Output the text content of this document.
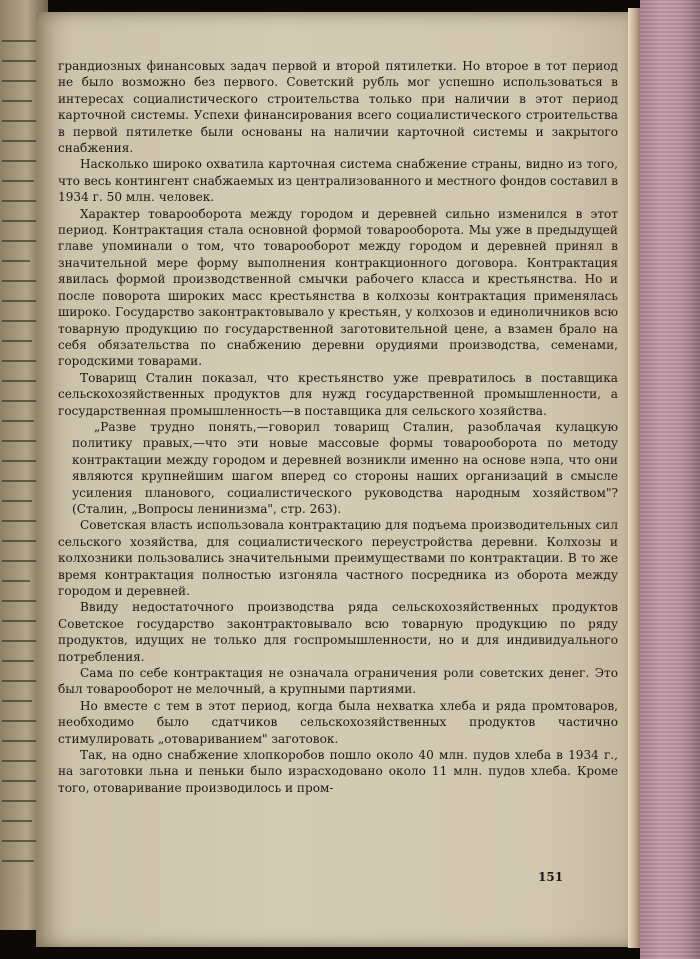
грандиозных финансовых задач первой и второй пятилетки. Но второе в тот период не было возможно без первого. Советский рубль мог успешно использоваться в интересах социалистического строительства только при наличии в этот период карточной системы. Успехи финансирования всего социалистического строительства в первой пятилетке были основаны на наличии карточной системы и закрытого снабжения.

Насколько широко охватила карточная система снабжение страны, видно из того, что весь контингент снабжаемых из централизованного и местного фондов составил в 1934 г. 50 млн. человек.

Характер товарооборота между городом и деревней сильно изменился в этот период. Контрактация стала основной формой товарооборота. Мы уже в предыдущей главе упоминали о том, что товарооборот между городом и деревней принял в значительной мере форму выполнения контракционного договора. Контрактация явилась формой производственной смычки рабочего класса и крестьянства. Но и после поворота широких масс крестьянства в колхозы контрактация применялась широко. Государство законтрактовывало у крестьян, у колхозов и единоличников всю товарную продукцию по государственной заготовительной цене, а взамен брало на себя обязательства по снабжению деревни орудиями производства, семенами, городскими товарами.

Товарищ Сталин показал, что крестьянство уже превратилось в поставщика сельскохозяйственных продуктов для нужд государственной промышленности, а государственная промышленность—в поставщика для сельского хозяйства.

„Разве трудно понять,—говорил товарищ Сталин, разоблачая кулацкую политику правых,—что эти новые массовые формы товарооборота по методу контрактации между городом и деревней возникли именно на основе нэпа, что они являются крупнейшим шагом вперед со стороны наших организаций в смысле усиления планового, социалистического руководства народным хозяйством"? (Сталин, „Вопросы ленинизма", стр. 263).

Советская власть использовала контрактацию для подъема производительных сил сельского хозяйства, для социалистического переустройства деревни. Колхозы и колхозники пользовались значительными преимуществами по контрактации. В то же время контрактация полностью изгоняла частного посредника из оборота между городом и деревней.

Ввиду недостаточного производства ряда сельскохозяйственных продуктов Советское государство законтрактовывало всю товарную продукцию по ряду продуктов, идущих не только для госпромышленности, но и для индивидуального потребления.

Сама по себе контрактация не означала ограничения роли советских денег. Это был товарооборот не мелочный, а крупными партиями.

Но вместе с тем в этот период, когда была нехватка хлеба и ряда промтоваров, необходимо было сдатчиков сельскохозяйственных продуктов частично стимулировать „отовариванием" заготовок.

Так, на одно снабжение хлопкоробов пошло около 40 млн. пудов хлеба в 1934 г., на заготовки льна и пеньки было израсходовано около 11 млн. пудов хлеба. Кроме того, отоваривание производилось и пром-

151
